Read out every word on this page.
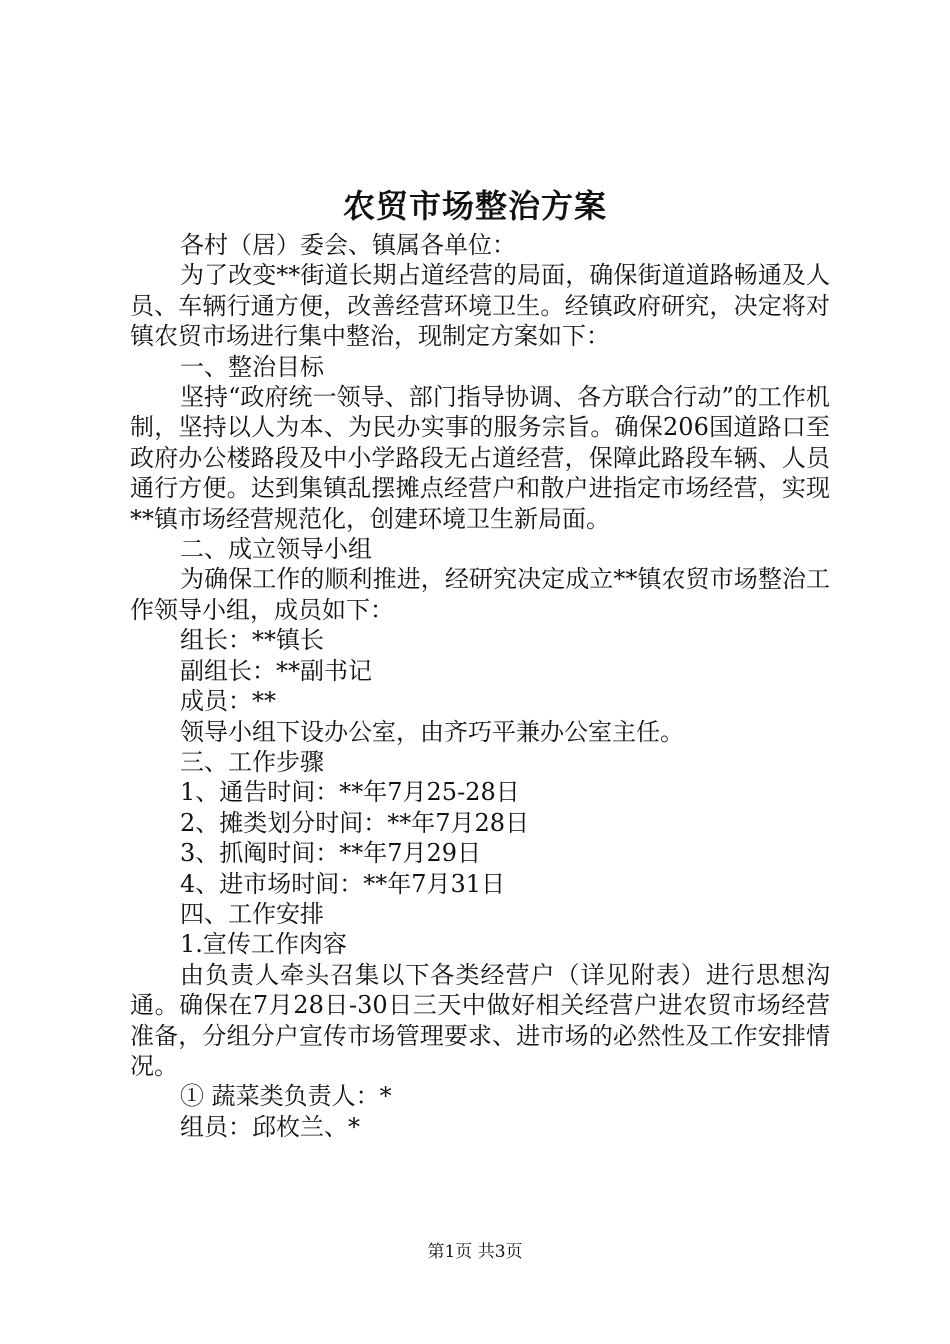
农贸市场整治方案

各村（居）委会、镇属各单位：

为了改变**街道长期占道经营的局面，确保街道道路畅通及人员、车辆行通方便，改善经营环境卫生。经镇政府研究，决定将对镇农贸市场进行集中整治，现制定方案如下：

一、整治目标

坚持“政府统一领导、部门指导协调、各方联合行动”的工作机制，坚持以人为本、为民办实事的服务宗旨。确保206国道路口至政府办公楼路段及中小学路段无占道经营，保障此路段车辆、人员通行方便。达到集镇乱摆摊点经营户和散户进指定市场经营，实现**镇市场经营规范化，创建环境卫生新局面。

二、成立领导小组

为确保工作的顺利推进，经研究决定成立**镇农贸市场整治工作领导小组，成员如下：

组长：**镇长

副组长：**副书记

成员：**

领导小组下设办公室，由齐巧平兼办公室主任。

三、工作步骤

1、通告时间：**年7月25-28日

2、摊类划分时间：**年7月28日

3、抓阄时间：**年7月29日

4、进市场时间：**年7月31日

四、工作安排

1.宣传工作肉容

由负责人牵头召集以下各类经营户（详见附表）进行思想沟通。确保在7月28日-30日三天中做好相关经营户进农贸市场经营准备，分组分户宣传市场管理要求、进市场的必然性及工作安排情况。

① 蔬菜类负责人：*

组员：邱枚兰、*

第1页 共3页
